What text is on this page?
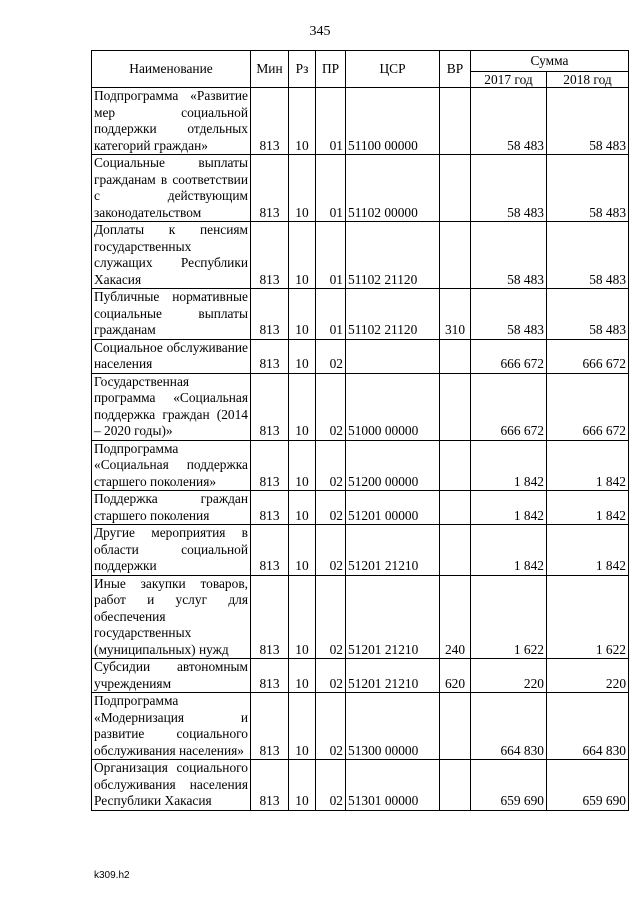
345
Наименование	Мин	Рз	ПР	ЦСР	ВР	Сумма	
						2017 год	2018 год
Подпрограмма «Развитие мер социальной поддержки отдельных категорий граждан»	813	10	01	51100 00000		58 483	58 483
Социальные выплаты гражданам в соответствии с действующим законодательством	813	10	01	51102 00000		58 483	58 483
Доплаты к пенсиям государственных служащих Республики Хакасия	813	10	01	51102 21120		58 483	58 483
Публичные нормативные социальные выплаты гражданам	813	10	01	51102 21120	310	58 483	58 483
Социальное обслуживание населения	813	10	02			666 672	666 672
Государственная программа «Социальная поддержка граждан (2014 – 2020 годы)»	813	10	02	51000 00000		666 672	666 672
Подпрограмма «Социальная поддержка старшего поколения»	813	10	02	51200 00000		1 842	1 842
Поддержка граждан старшего поколения	813	10	02	51201 00000		1 842	1 842
Другие мероприятия в области социальной поддержки	813	10	02	51201 21210		1 842	1 842
Иные закупки товаров, работ и услуг для обеспечения государственных (муниципальных) нужд	813	10	02	51201 21210	240	1 622	1 622
Субсидии автономным учреждениям	813	10	02	51201 21210	620	220	220
Подпрограмма «Модернизация и развитие социального обслуживания населения»	813	10	02	51300 00000		664 830	664 830
Организация социального обслуживания населения Республики Хакасия	813	10	02	51301 00000		659 690	659 690
k309.h2
